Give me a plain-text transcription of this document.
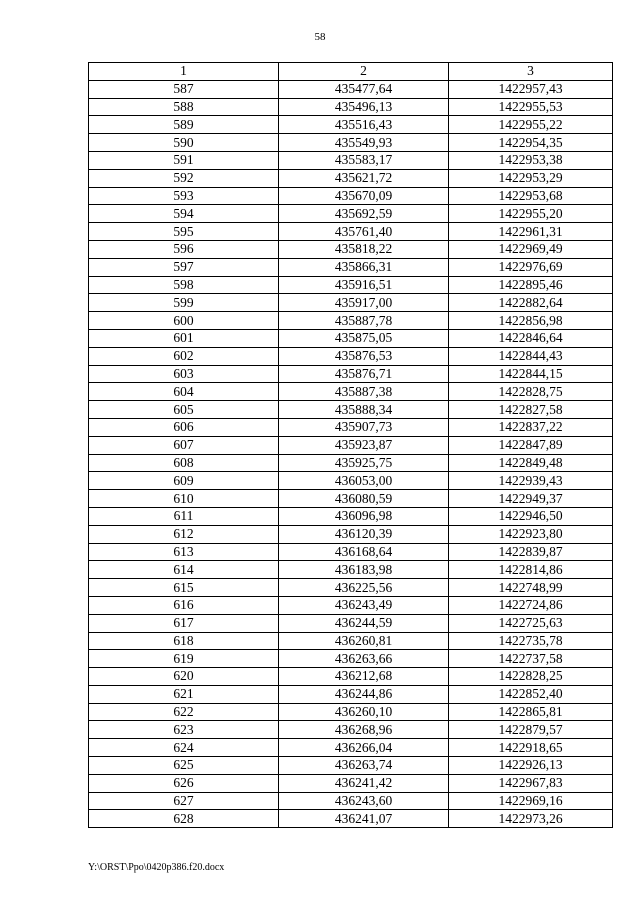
58
1	2	3
587	435477,64	1422957,43
588	435496,13	1422955,53
589	435516,43	1422955,22
590	435549,93	1422954,35
591	435583,17	1422953,38
592	435621,72	1422953,29
593	435670,09	1422953,68
594	435692,59	1422955,20
595	435761,40	1422961,31
596	435818,22	1422969,49
597	435866,31	1422976,69
598	435916,51	1422895,46
599	435917,00	1422882,64
600	435887,78	1422856,98
601	435875,05	1422846,64
602	435876,53	1422844,43
603	435876,71	1422844,15
604	435887,38	1422828,75
605	435888,34	1422827,58
606	435907,73	1422837,22
607	435923,87	1422847,89
608	435925,75	1422849,48
609	436053,00	1422939,43
610	436080,59	1422949,37
611	436096,98	1422946,50
612	436120,39	1422923,80
613	436168,64	1422839,87
614	436183,98	1422814,86
615	436225,56	1422748,99
616	436243,49	1422724,86
617	436244,59	1422725,63
618	436260,81	1422735,78
619	436263,66	1422737,58
620	436212,68	1422828,25
621	436244,86	1422852,40
622	436260,10	1422865,81
623	436268,96	1422879,57
624	436266,04	1422918,65
625	436263,74	1422926,13
626	436241,42	1422967,83
627	436243,60	1422969,16
628	436241,07	1422973,26
Y:\ORST\Ppo\0420p386.f20.docx
